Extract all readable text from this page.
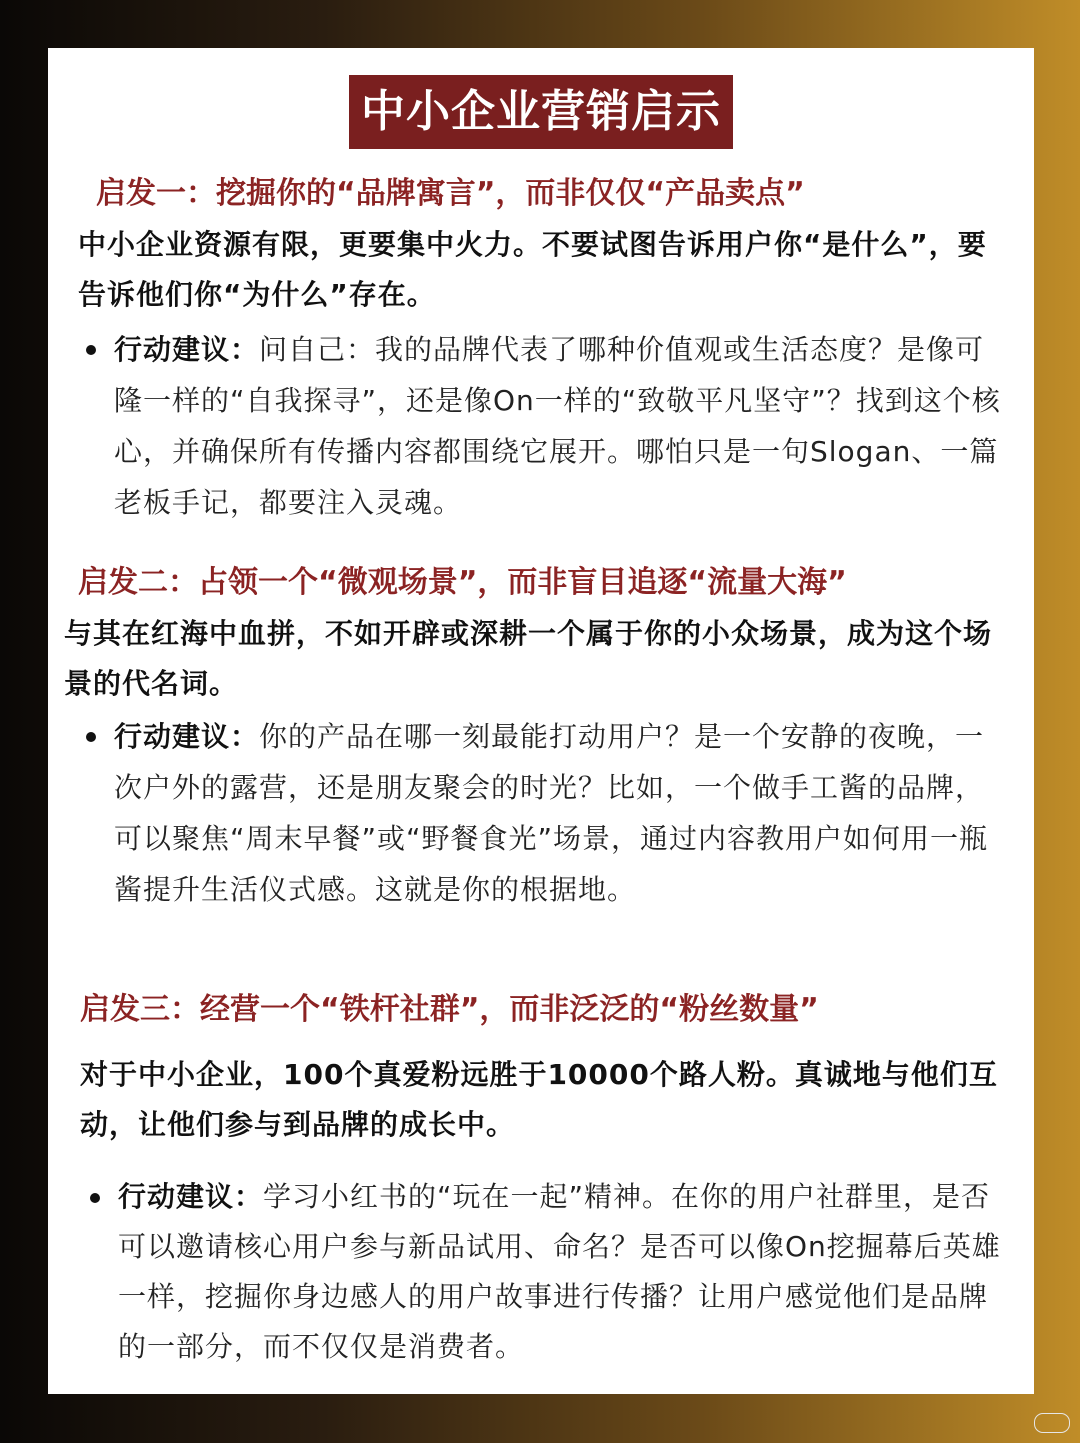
中小企业营销启示

启发一：挖掘你的“品牌寓言”，而非仅仅“产品卖点”

中小企业资源有限，更要集中火力。不要试图告诉用户你“是什么”，要告诉他们你“为什么”存在。

行动建议：问自己：我的品牌代表了哪种价值观或生活态度？是像可隆一样的“自我探寻”，还是像On一样的“致敬平凡坚守”？找到这个核心，并确保所有传播内容都围绕它展开。哪怕只是一句Slogan、一篇老板手记，都要注入灵魂。

启发二：占领一个“微观场景”，而非盲目追逐“流量大海”

与其在红海中血拼，不如开辟或深耕一个属于你的小众场景，成为这个场景的代名词。

行动建议：你的产品在哪一刻最能打动用户？是一个安静的夜晚，一次户外的露营，还是朋友聚会的时光？比如，一个做手工酱的品牌，可以聚焦“周末早餐”或“野餐食光”场景，通过内容教用户如何用一瓶酱提升生活仪式感。这就是你的根据地。

启发三：经营一个“铁杆社群”，而非泛泛的“粉丝数量”

对于中小企业，100个真爱粉远胜于10000个路人粉。真诚地与他们互动，让他们参与到品牌的成长中。

行动建议：学习小红书的“玩在一起”精神。在你的用户社群里，是否可以邀请核心用户参与新品试用、命名？是否可以像On挖掘幕后英雄一样，挖掘你身边感人的用户故事进行传播？让用户感觉他们是品牌的一部分，而不仅仅是消费者。
